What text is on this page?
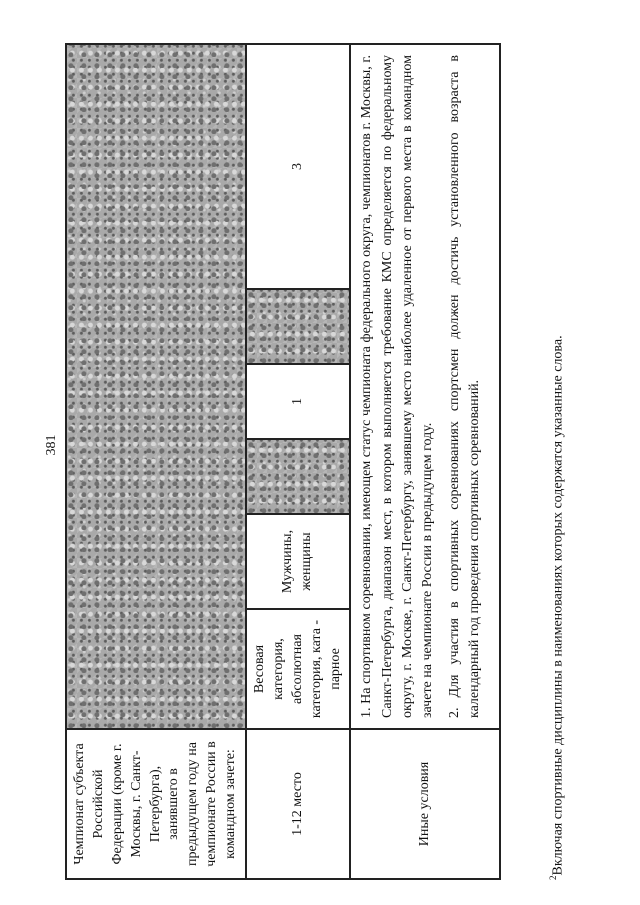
381
Чемпионат субъекта Российской Федерации (кроме г. Москвы, г. Санкт-Петербурга), занявшего в предыдущем году на чемпионате России в командном зачете:						
1-12 место	Весовая категория, абсолютная категория, ката - парное	Мужчины, женщины		1		3
Иные условия	1. На спортивном соревновании, имеющем статус чемпионата федерального округа, чемпионатов г. Москвы, г. Санкт-Петербурга, диапазон мест, в котором выполняется требование КМС определяется по федеральному округу, г. Москве, г. Санкт-Петербургу, занявшему место наиболее удаленное от первого места в командном зачете на чемпионате России в предыдущем году. 2. Для участия в спортивных соревнованиях спортсмен должен достичь установленного возраста в календарный год проведения спортивных соревнований.					

$^2$Включая спортивные дисциплины в наименованиях которых содержатся указанные слова.
